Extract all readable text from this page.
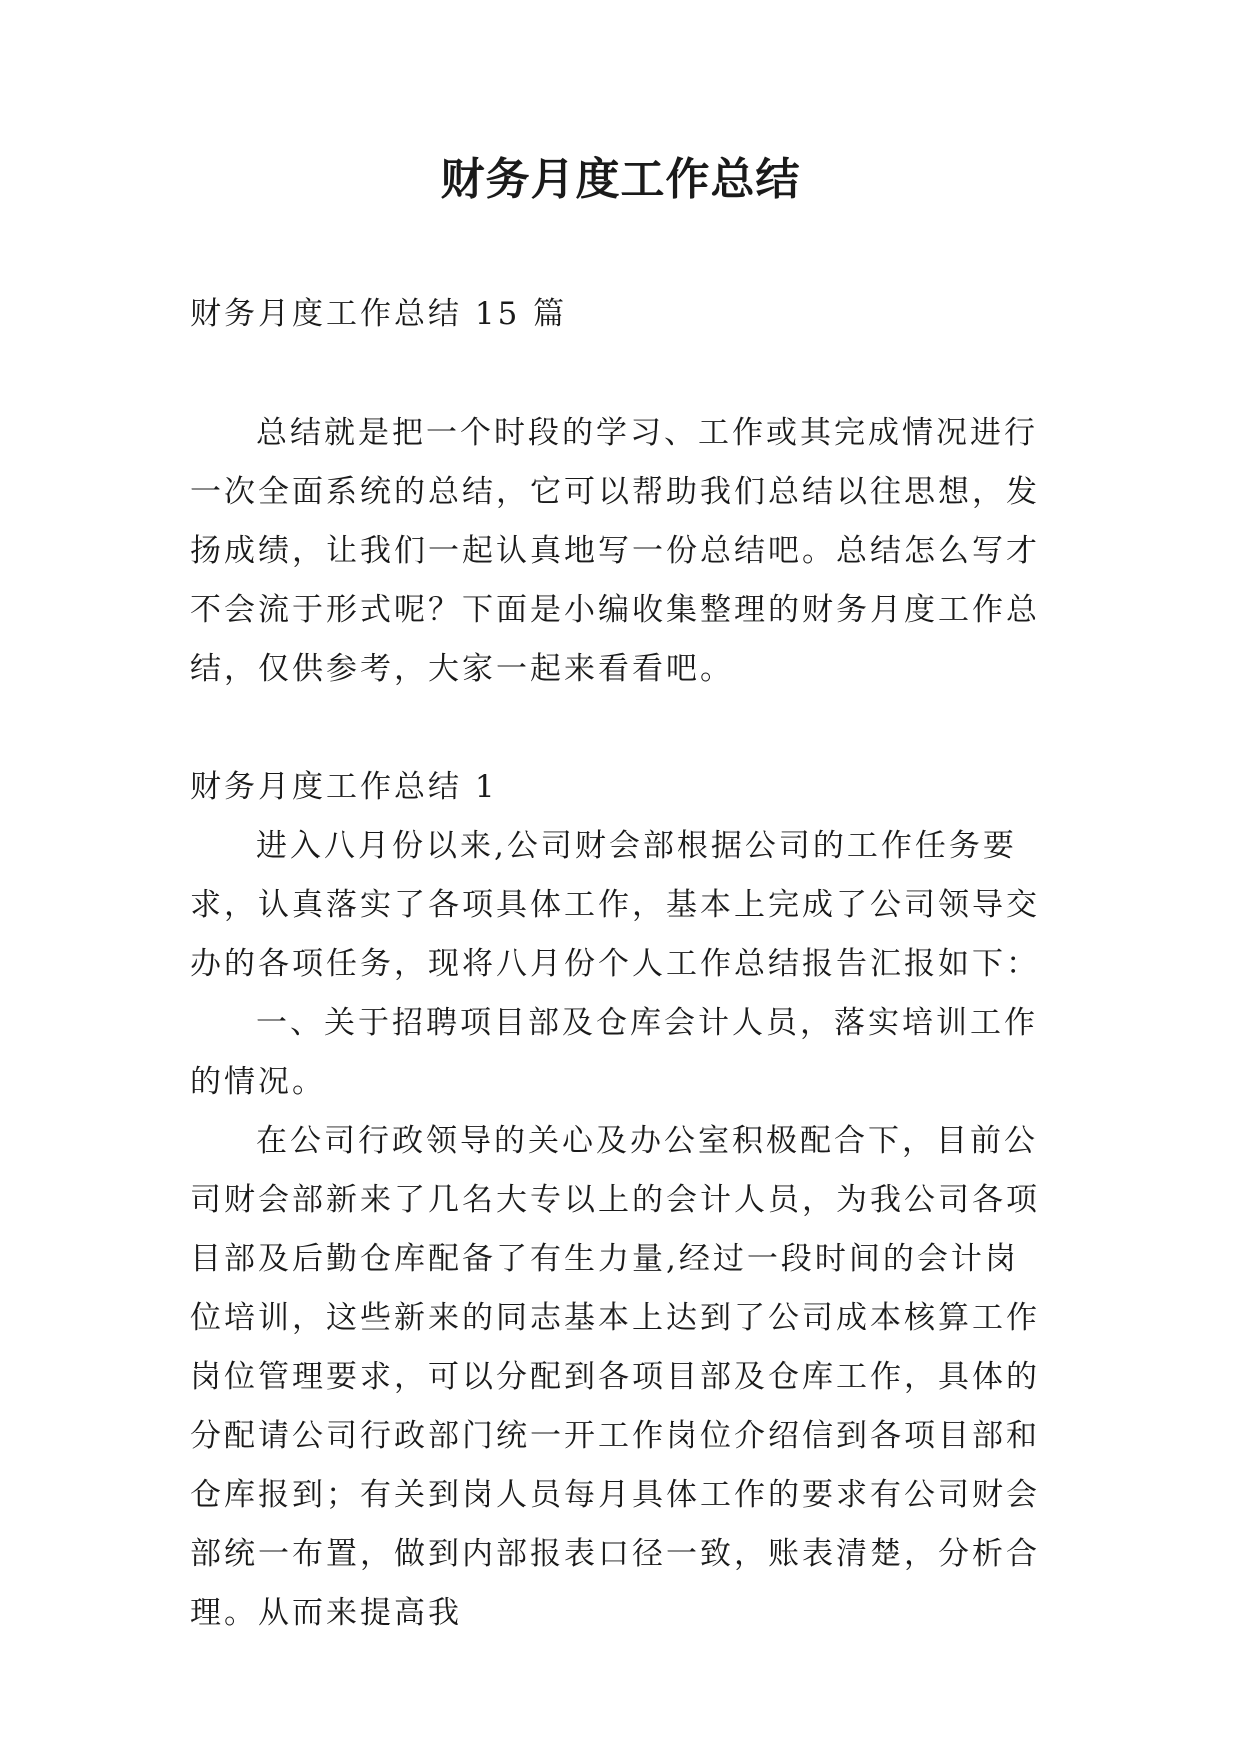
财务月度工作总结

财务月度工作总结 15 篇

总结就是把一个时段的学习、工作或其完成情况进行一次全面系统的总结，它可以帮助我们总结以往思想，发扬成绩，让我们一起认真地写一份总结吧。总结怎么写才不会流于形式呢？下面是小编收集整理的财务月度工作总结，仅供参考，大家一起来看看吧。

财务月度工作总结 1

进入八月份以来,公司财会部根据公司的工作任务要求，认真落实了各项具体工作，基本上完成了公司领导交办的各项任务，现将八月份个人工作总结报告汇报如下：

一、关于招聘项目部及仓库会计人员，落实培训工作的情况。

在公司行政领导的关心及办公室积极配合下，目前公司财会部新来了几名大专以上的会计人员，为我公司各项目部及后勤仓库配备了有生力量,经过一段时间的会计岗位培训，这些新来的同志基本上达到了公司成本核算工作岗位管理要求，可以分配到各项目部及仓库工作，具体的分配请公司行政部门统一开工作岗位介绍信到各项目部和仓库报到；有关到岗人员每月具体工作的要求有公司财会部统一布置，做到内部报表口径一致，账表清楚，分析合理。从而来提高我
